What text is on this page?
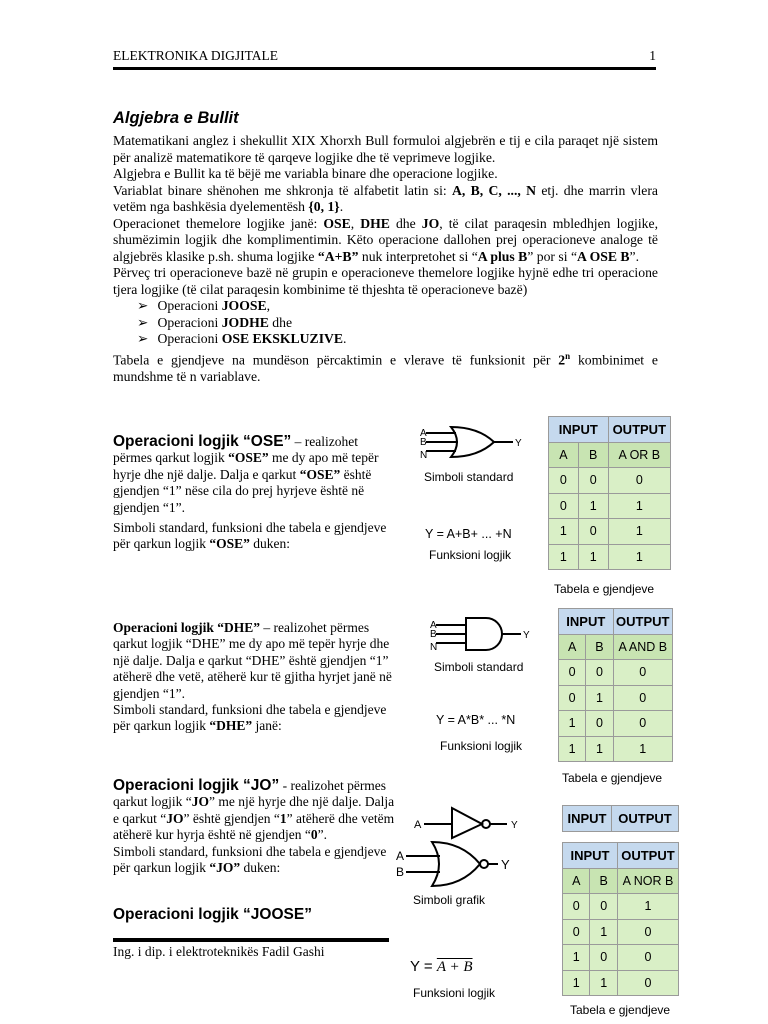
ELEKTRONIKA DIGJITALE	1
Algjebra e Bullit

Matematikani anglez i shekullit XIX Xhorxh Bull formuloi algjebrën e tij e cila paraqet një sistem për analizë matematikore të qarqeve logjike dhe të veprimeve logjike.

Algjebra e Bullit ka të bëjë me variabla binare dhe operacione logjike.

Variablat binare shënohen me shkronja të alfabetit latin si: A, B, C, ..., N etj. dhe marrin vlera vetëm nga bashkësia dyelementësh {0, 1}.

Operacionet themelore logjike janë: OSE, DHE dhe JO, të cilat paraqesin mbledhjen logjike, shumëzimin logjik dhe komplimentimin. Këto operacione dallohen prej operacioneve analoge të algjebrës klasike p.sh. shuma logjike “A+B” nuk interpretohet si “A plus B” por si “A OSE B”.

Përveç tri operacioneve bazë në grupin e operacioneve themelore logjike hyjnë edhe tri operacione tjera logjike (të cilat paraqesin kombinime të thjeshta të operacioneve bazë)

➢ Operacioni JOOSE,
➢ Operacioni JODHE dhe
➢ Operacioni OSE EKSKLUZIVE.

Tabela e gjendjeve na mundëson përcaktimin e vlerave të funksionit për 2$^n$ kombinimet e mundshme të n variablave.

Operacioni logjik “OSE” – realizohet përmes qarkut logjik “OSE” me dy apo më tepër hyrje dhe një dalje. Dalja e qarkut “OSE” është gjendjen “1” nëse cila do prej hyrjeve është në gjendjen “1”.

Simboli standard, funksioni dhe tabela e gjendjeve për qarkun logjik “OSE” duken:

A
B
N
Y
Simboli standard
Y = A+B+ ... +N
Funksioni logjik
INPUT		OUTPUT
A	B	A OR B
0	0	0
0	1	1
1	0	1
1	1	1
Tabela e gjendjeve

Operacioni logjik “DHE” – realizohet përmes qarkut logjik “DHE” me dy apo më tepër hyrje dhe një dalje. Dalja e qarkut “DHE” është gjendjen “1” atëherë dhe vetë, atëherë kur të gjitha hyrjet janë në gjendjen “1”.

Simboli standard, funksioni dhe tabela e gjendjeve për qarkun logjik “DHE” janë:

A
B
N
Y
Simboli standard
Y = A*B* ... *N
Funksioni logjik
INPUT		OUTPUT
A	B	A AND B
0	0	0
0	1	0
1	0	0
1	1	1
Tabela e gjendjeve

Operacioni logjik “JO” - realizohet përmes qarkut logjik “JO” me një hyrje dhe një dalje. Dalja e qarkut “JO” është gjendjen “1” atëherë dhe vetëm atëherë kur hyrja është në gjendjen “0”.

Simboli standard, funksioni dhe tabela e gjendjeve për qarkun logjik “JO” duken:

Operacioni logjik “JOOSE”
A	Y	INPUT	OUTPUT
A
B	Y
Simboli grafik
INPUT		OUTPUT
A	B	A NOR B
0	0	1
0	1	0
1	0	0
1	1	0
Tabela e gjendjeve
Y = A + B
Funksioni logjik
Ing. i dip. i elektroteknikës Fadil Gashi
